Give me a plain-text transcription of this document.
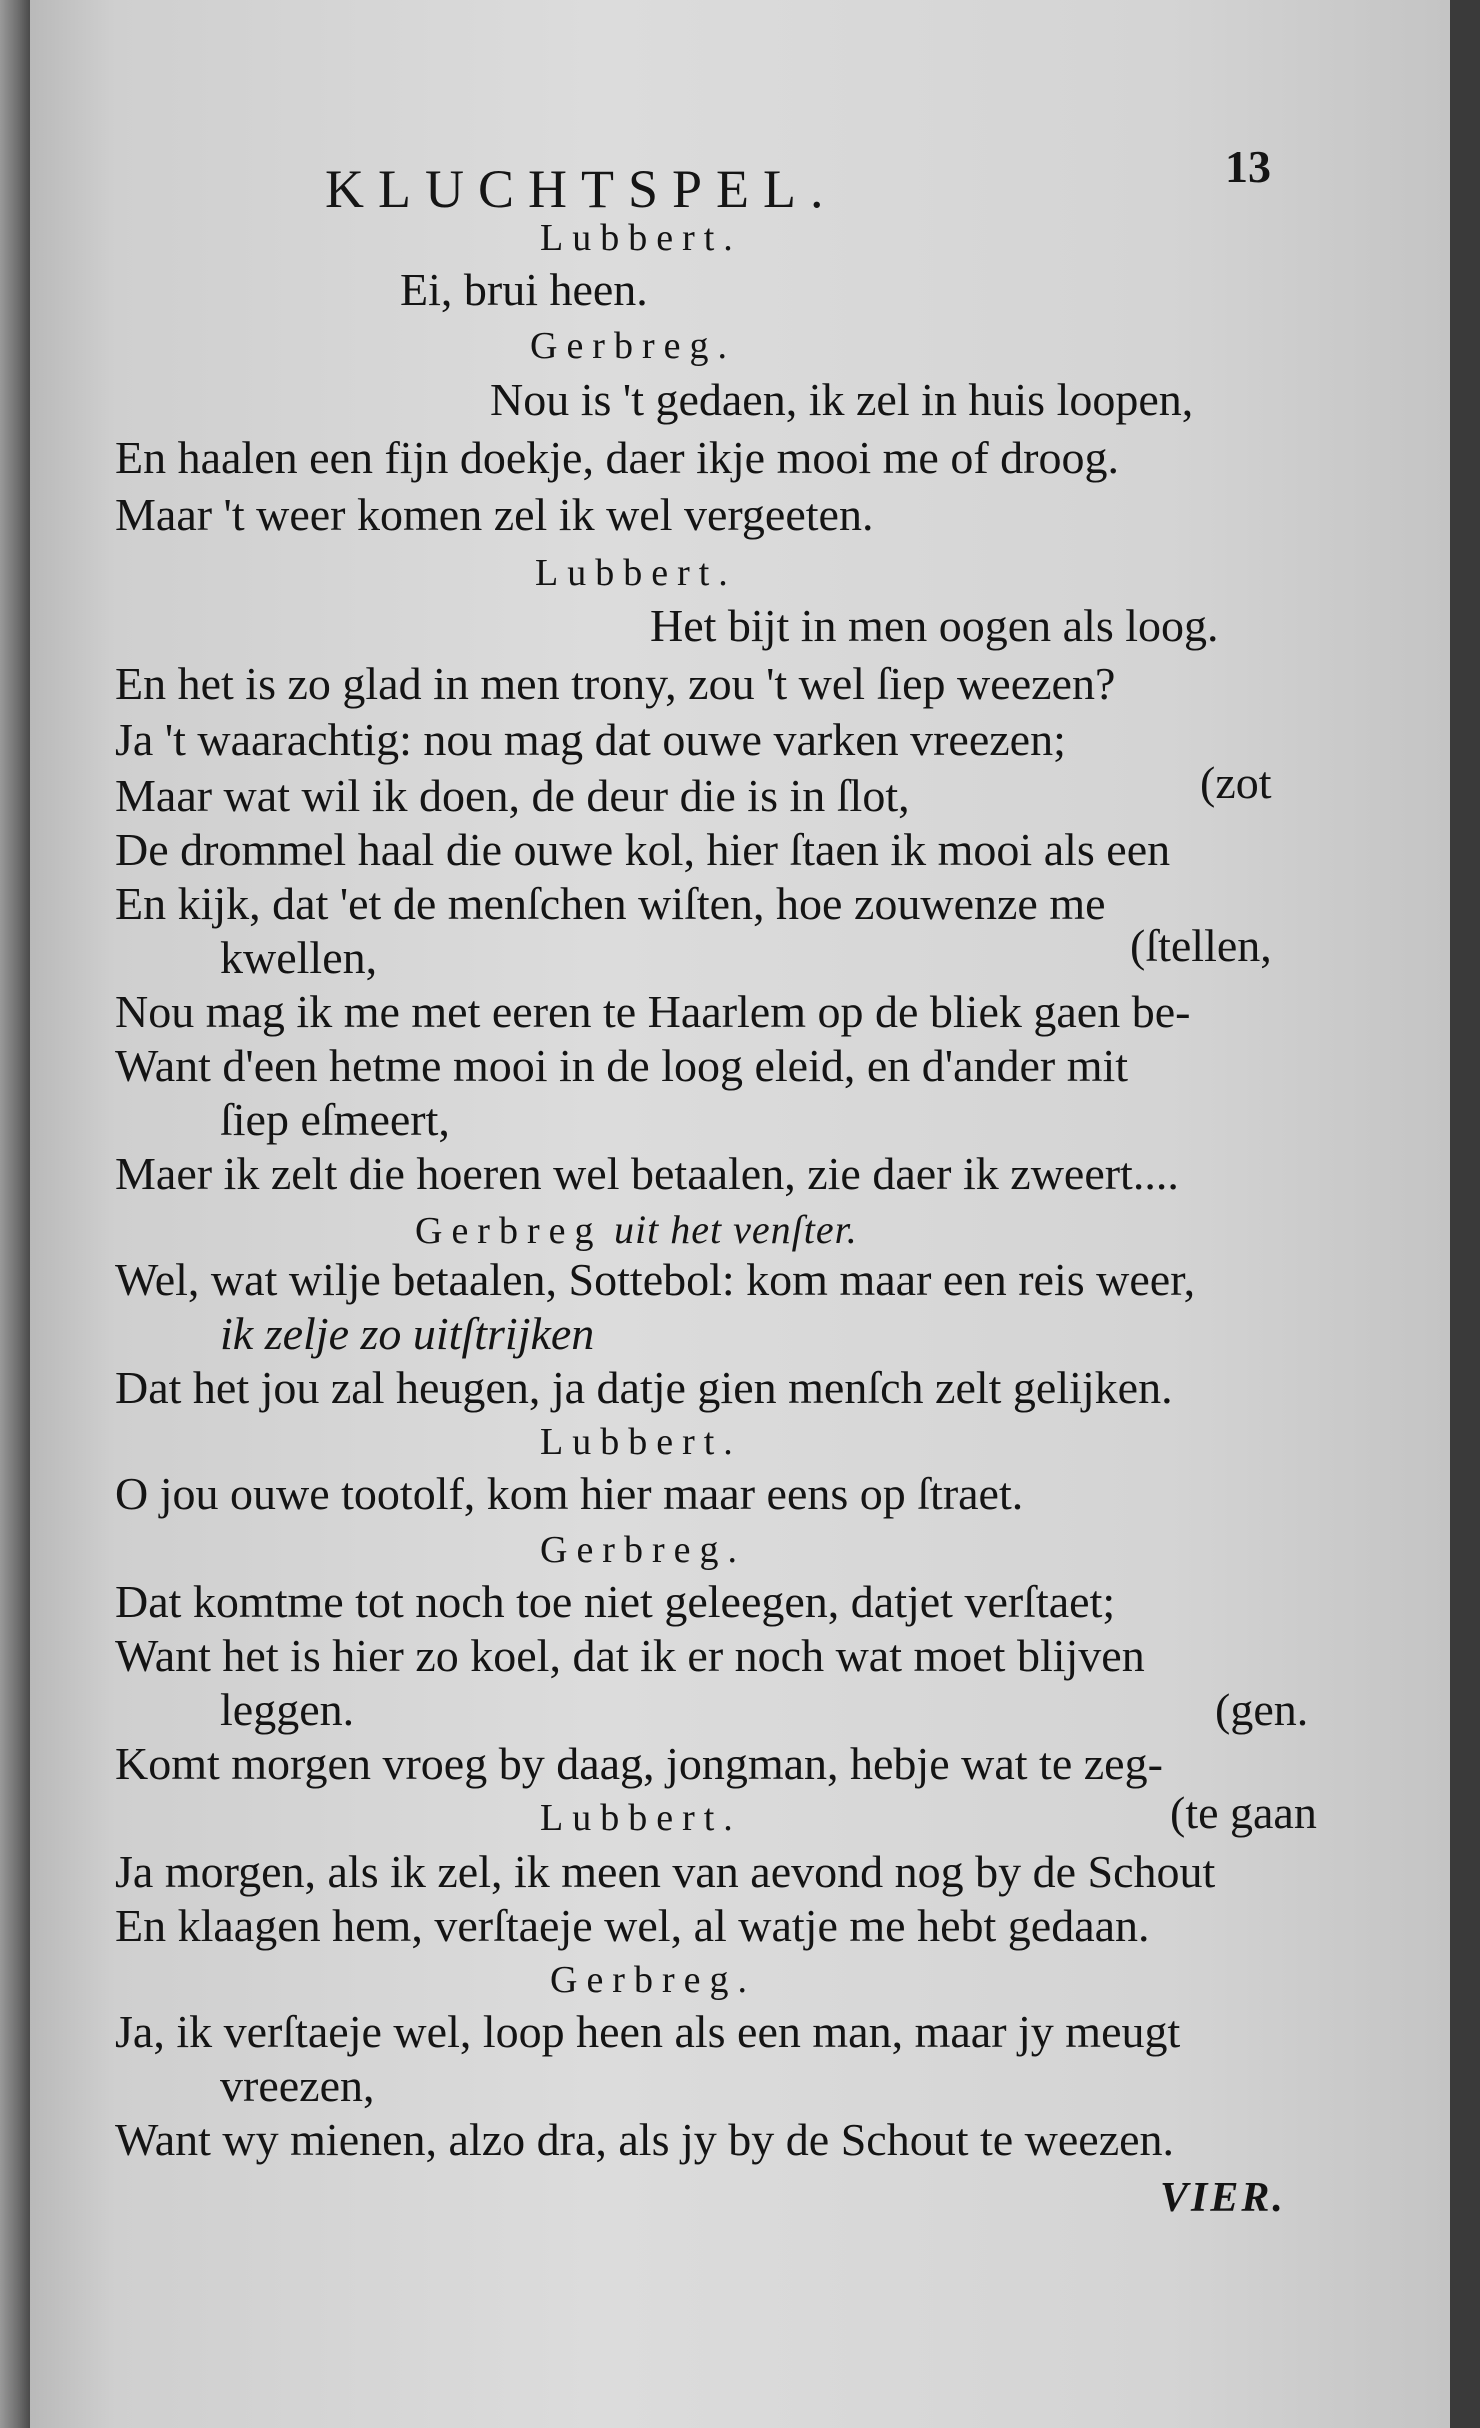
KLUCHTSPEL.	13
Lubbert.
Ei, brui heen.
Gerbreg.
Nou is 't gedaen, ik zel in huis loopen,
En haalen een fijn doekje, daer ikje mooi me of droog.
Maar 't weer komen zel ik wel vergeeten.
Lubbert.
Het bijt in men oogen als loog.
En het is zo glad in men trony, zou 't wel ſiep weezen?
Ja 't waarachtig: nou mag dat ouwe varken vreezen;
Maar wat wil ik doen, de deur die is in ſlot,	(zot
De drommel haal die ouwe kol, hier ſtaen ik mooi als een
En kijk, dat 'et de menſchen wiſten, hoe zouwenze me
kwellen,	(ſtellen,
Nou mag ik me met eeren te Haarlem op de bliek gaen be-
Want d'een hetme mooi in de loog eleid, en d'ander mit
ſiep eſmeert,
Maer ik zelt die hoeren wel betaalen, zie daer ik zweert....
Gerbreg uit het venſter.
Wel, wat wilje betaalen, Sottebol: kom maar een reis weer,
ik zelje zo uitſtrijken
Dat het jou zal heugen, ja datje gien menſch zelt gelijken.
Lubbert.
O jou ouwe tootolf, kom hier maar eens op ſtraet.
Gerbreg.
Dat komtme tot noch toe niet geleegen, datjet verſtaet;
Want het is hier zo koel, dat ik er noch wat moet blijven
leggen.	(gen.
Komt morgen vroeg by daag, jongman, hebje wat te zeg-
Lubbert.	(te gaan
Ja morgen, als ik zel, ik meen van aevond nog by de Schout
En klaagen hem, verſtaeje wel, al watje me hebt gedaan.
Gerbreg.
Ja, ik verſtaeje wel, loop heen als een man, maar jy meugt
vreezen,
Want wy mienen, alzo dra, als jy by de Schout te weezen.
VIER.
